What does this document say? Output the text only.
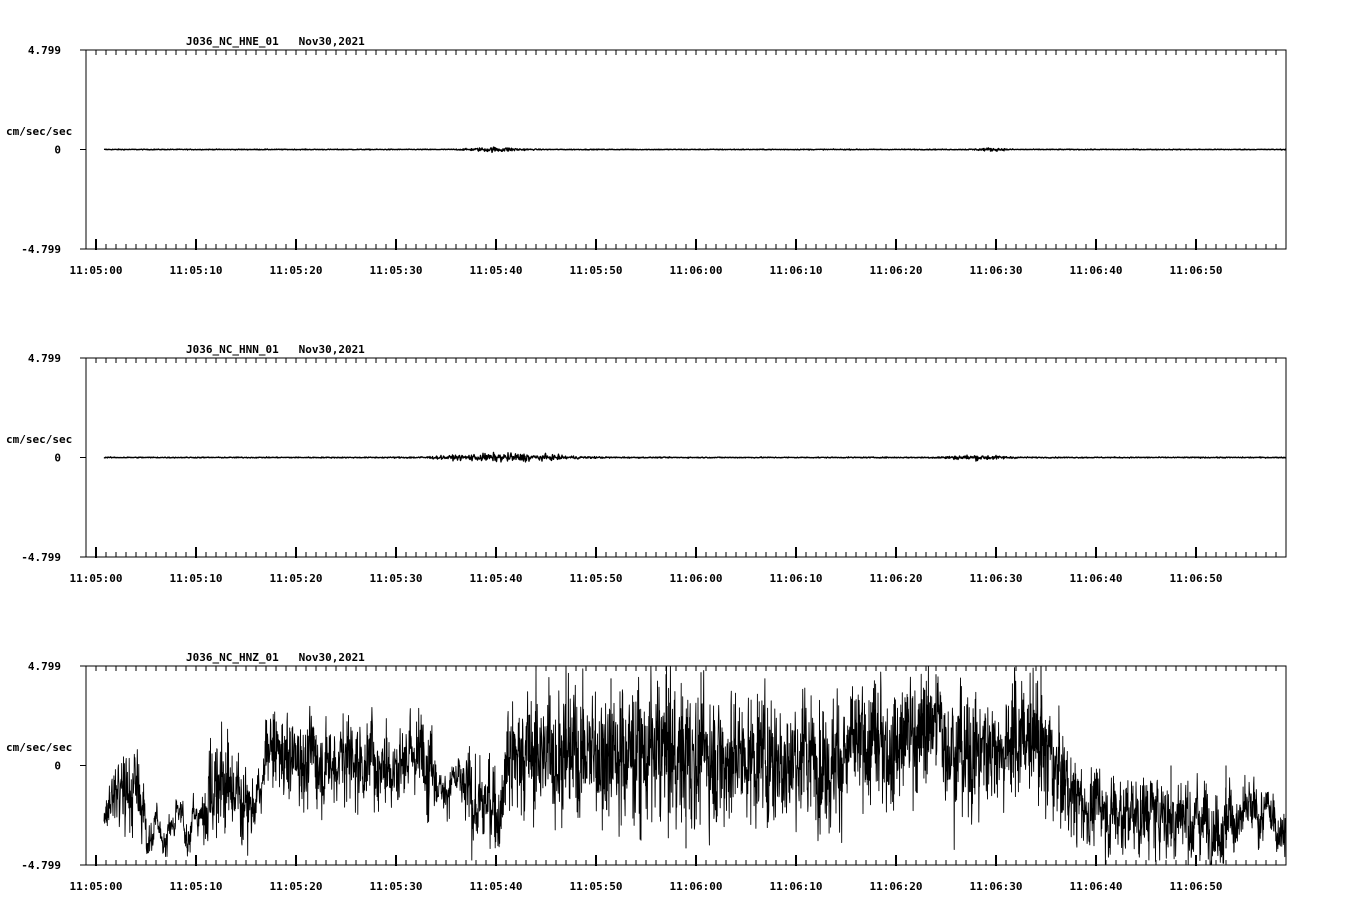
J036_NC_HNE_01   Nov30,2021
cm/sec/sec
4.799
0
-4.799
11:05:00	11:05:10	11:05:20	11:05:30	11:05:40	11:05:50	11:06:00	11:06:10	11:06:20	11:06:30	11:06:40	11:06:50
J036_NC_HNN_01   Nov30,2021
cm/sec/sec
4.799
0
-4.799
11:05:00	11:05:10	11:05:20	11:05:30	11:05:40	11:05:50	11:06:00	11:06:10	11:06:20	11:06:30	11:06:40	11:06:50
J036_NC_HNZ_01   Nov30,2021
cm/sec/sec
4.799
0
-4.799
11:05:00	11:05:10	11:05:20	11:05:30	11:05:40	11:05:50	11:06:00	11:06:10	11:06:20	11:06:30	11:06:40	11:06:50
